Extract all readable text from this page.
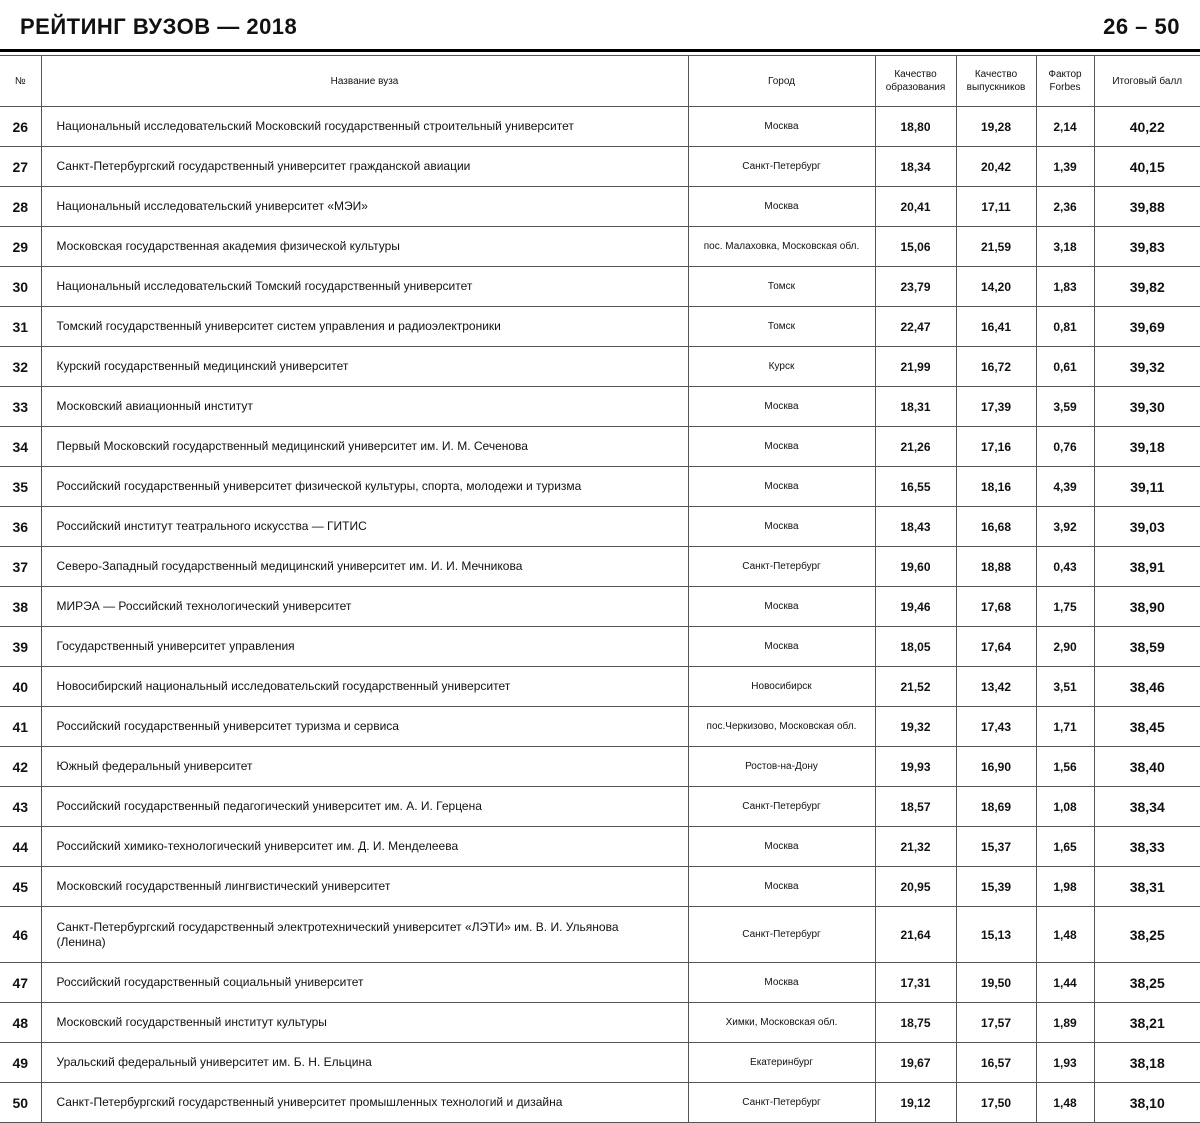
РЕЙТИНГ ВУЗОВ — 2018	26 – 50
№	Название вуза	Город	Качество образования	Качество выпускников	Фактор Forbes	Итоговый балл
26	Национальный исследовательский Московский государственный строительный университет	Москва	18,80	19,28	2,14	40,22
27	Санкт-Петербургский государственный университет гражданской авиации	Санкт-Петербург	18,34	20,42	1,39	40,15
28	Национальный исследовательский университет «МЭИ»	Москва	20,41	17,11	2,36	39,88
29	Московская государственная академия физической культуры	пос. Малаховка, Московская обл.	15,06	21,59	3,18	39,83
30	Национальный исследовательский Томский государственный университет	Томск	23,79	14,20	1,83	39,82
31	Томский государственный университет систем управления и радиоэлектроники	Томск	22,47	16,41	0,81	39,69
32	Курский государственный медицинский университет	Курск	21,99	16,72	0,61	39,32
33	Московский авиационный институт	Москва	18,31	17,39	3,59	39,30
34	Первый Московский государственный медицинский университет им. И. М. Сеченова	Москва	21,26	17,16	0,76	39,18
35	Российский государственный университет физической культуры, спорта, молодежи и туризма	Москва	16,55	18,16	4,39	39,11
36	Российский институт театрального искусства — ГИТИС	Москва	18,43	16,68	3,92	39,03
37	Северо-Западный государственный медицинский университет им. И. И. Мечникова	Санкт-Петербург	19,60	18,88	0,43	38,91
38	МИРЭА — Российский технологический университет	Москва	19,46	17,68	1,75	38,90
39	Государственный университет управления	Москва	18,05	17,64	2,90	38,59
40	Новосибирский национальный исследовательский государственный университет	Новосибирск	21,52	13,42	3,51	38,46
41	Российский государственный университет туризма и сервиса	пос.Черкизово, Московская обл.	19,32	17,43	1,71	38,45
42	Южный федеральный университет	Ростов-на-Дону	19,93	16,90	1,56	38,40
43	Российский государственный педагогический университет им. А. И. Герцена	Санкт-Петербург	18,57	18,69	1,08	38,34
44	Российский химико-технологический университет им. Д. И. Менделеева	Москва	21,32	15,37	1,65	38,33
45	Московский государственный лингвистический университет	Москва	20,95	15,39	1,98	38,31
46	Санкт-Петербургский государственный электротехнический университет «ЛЭТИ» им. В. И. Ульянова (Ленина)	Санкт-Петербург	21,64	15,13	1,48	38,25
47	Российский государственный социальный университет	Москва	17,31	19,50	1,44	38,25
48	Московский государственный институт культуры	Химки, Московская обл.	18,75	17,57	1,89	38,21
49	Уральский федеральный университет им. Б. Н. Ельцина	Екатеринбург	19,67	16,57	1,93	38,18
50	Санкт-Петербургский государственный университет промышленных технологий и дизайна	Санкт-Петербург	19,12	17,50	1,48	38,10
